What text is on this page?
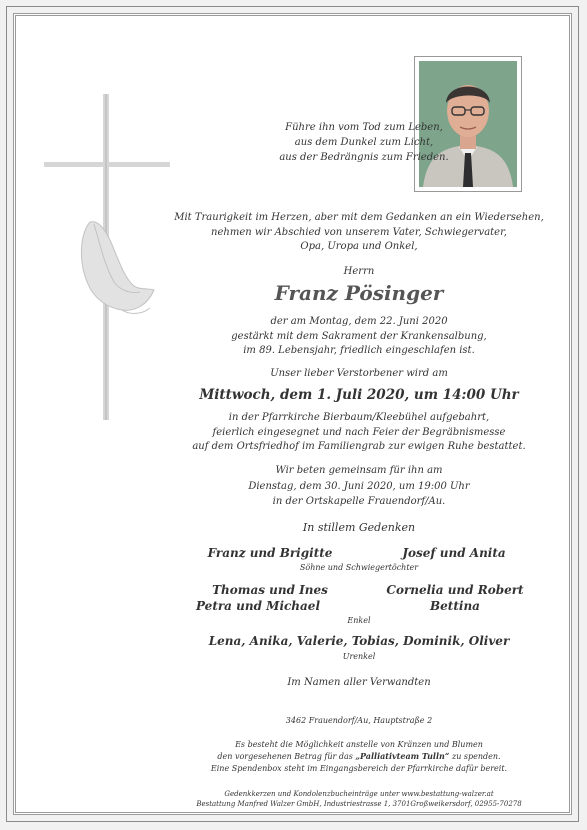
Führe ihn vom Tod zum Leben,
aus dem Dunkel zum Licht,
aus der Bedrängnis zum Frieden.
Mit Traurigkeit im Herzen, aber mit dem Gedanken an ein Wiedersehen,
nehmen wir Abschied von unserem Vater, Schwiegervater,
Opa, Uropa und Onkel,
Herrn
Franz Pösinger
der am Montag, dem 22. Juni 2020
gestärkt mit dem Sakrament der Krankensalbung,
im 89. Lebensjahr, friedlich eingeschlafen ist.
Unser lieber Verstorbener wird am
Mittwoch, dem 1. Juli 2020, um 14:00 Uhr
in der Pfarrkirche Bierbaum/Kleebühel aufgebahrt,
feierlich eingesegnet und nach Feier der Begräbnismesse
auf dem Ortsfriedhof im Familiengrab zur ewigen Ruhe bestattet.
Wir beten gemeinsam für ihn am
Dienstag, dem 30. Juni 2020, um 19:00 Uhr
in der Ortskapelle Frauendorf/Au.
In stillem Gedenken
Franz und Brigitte	Josef und Anita
Söhne und Schwiegertöchter
Thomas und Ines	Cornelia und Robert
Petra und Michael	Bettina
Enkel
Lena, Anika, Valerie, Tobias, Dominik, Oliver
Urenkel
Im Namen aller Verwandten
3462 Frauendorf/Au, Hauptstraße 2
Es besteht die Möglichkeit anstelle von Kränzen und Blumen
den vorgesehenen Betrag für das „Palliativteam Tulln“ zu spenden.
Eine Spendenbox steht im Eingangsbereich der Pfarrkirche dafür bereit.
Gedenkkerzen und Kondolenzbucheinträge unter www.bestattung-walzer.at
Bestattung Manfred Walzer GmbH, Industriestrasse 1, 3701Großweikersdorf, 02955-70278
